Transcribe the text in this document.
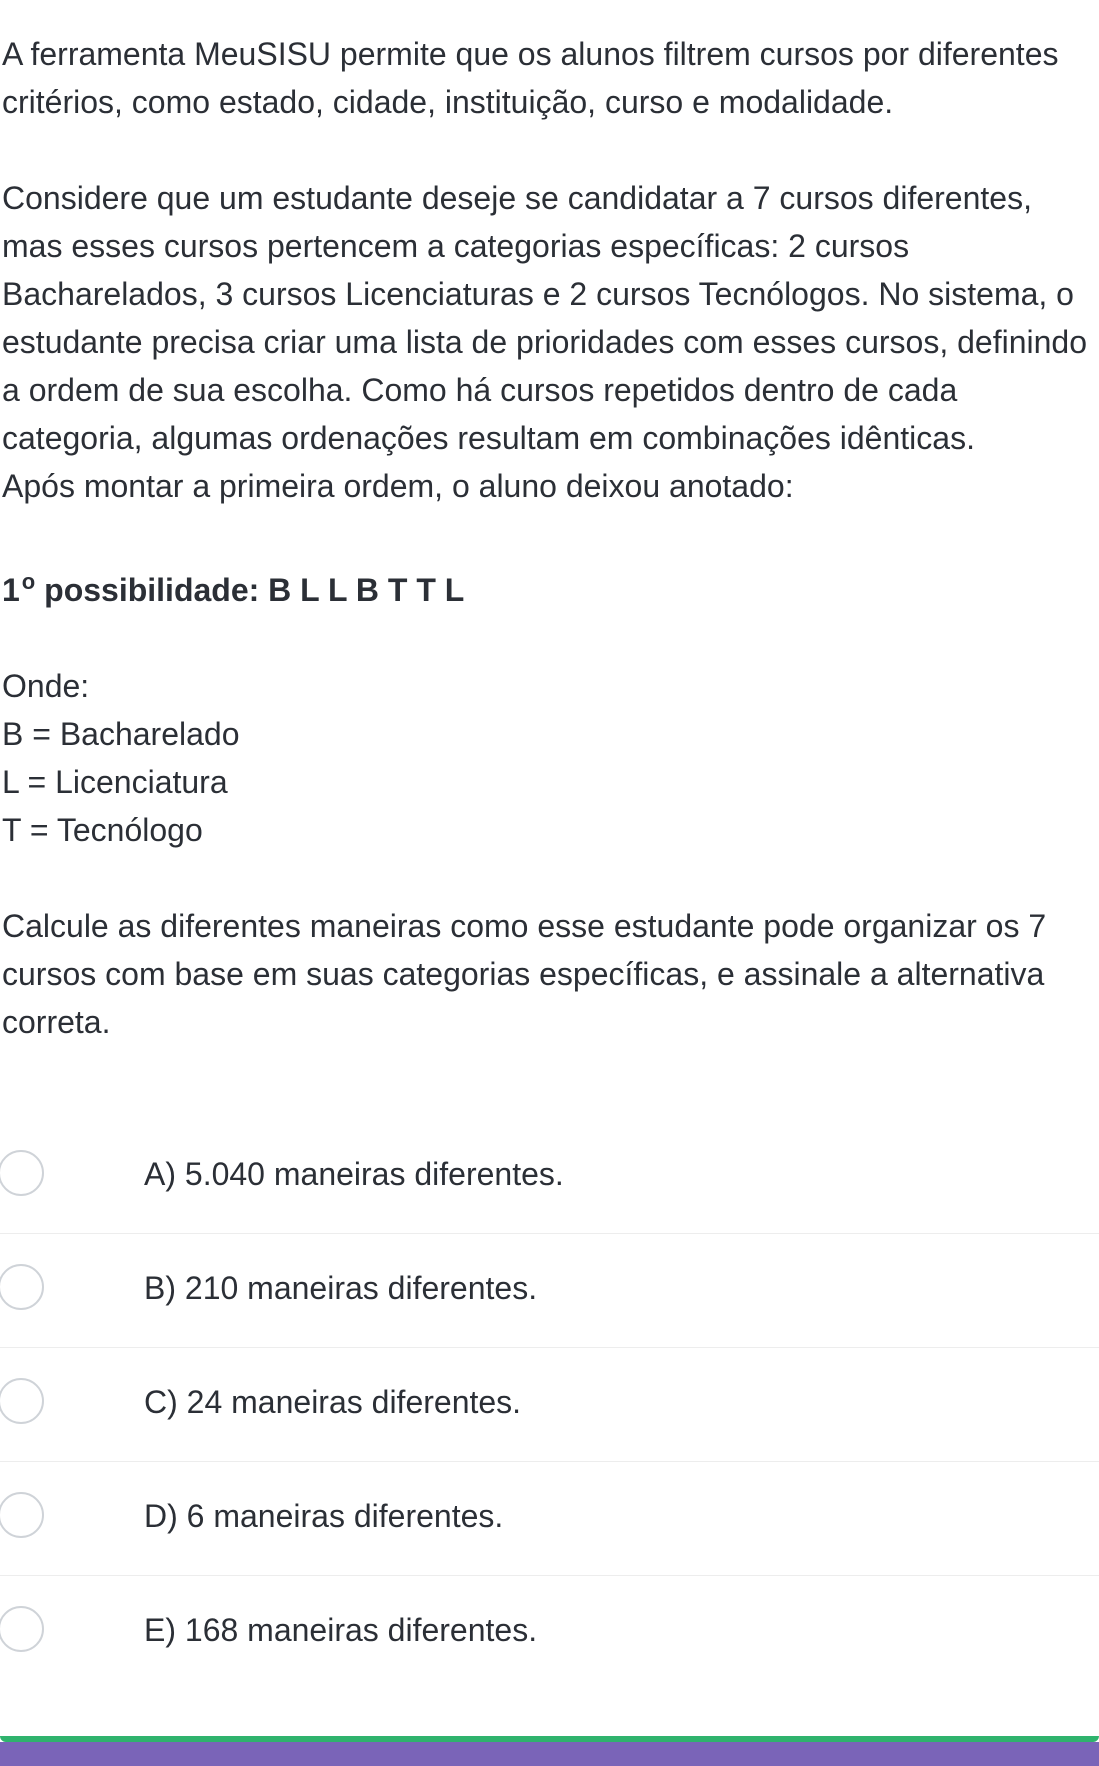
A ferramenta MeuSISU permite que os alunos filtrem cursos por diferentes critérios, como estado, cidade, instituição, curso e modalidade.

Considere que um estudante deseje se candidatar a 7 cursos diferentes, mas esses cursos pertencem a categorias específicas: 2 cursos Bacharelados, 3 cursos Licenciaturas e 2 cursos Tecnólogos. No sistema, o estudante precisa criar uma lista de prioridades com esses cursos, definindo a ordem de sua escolha. Como há cursos repetidos dentro de cada categoria, algumas ordenações resultam em combinações idênticas.

Após montar a primeira ordem, o aluno deixou anotado:

1$^o$ possibilidade: B L L B T T L

Onde:

B = Bacharelado

L = Licenciatura

T = Tecnólogo

Calcule as diferentes maneiras como esse estudante pode organizar os 7 cursos com base em suas categorias específicas, e assinale a alternativa correta.

A) 5.040 maneiras diferentes.
B) 210 maneiras diferentes.
C) 24 maneiras diferentes.
D) 6 maneiras diferentes.
E) 168 maneiras diferentes.
